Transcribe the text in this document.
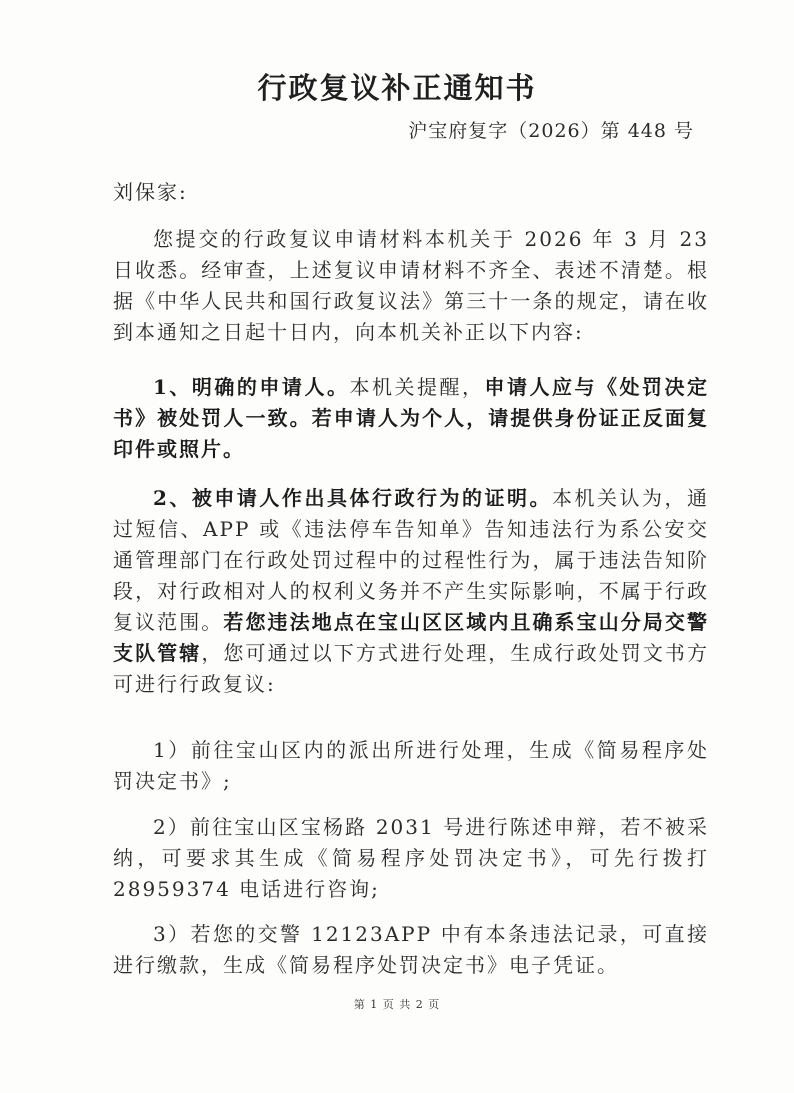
行政复议补正通知书
沪宝府复字（2026）第 448 号
刘保家:

您提交的行政复议申请材料本机关于 2026 年 3 月 23 日收悉。经审查，上述复议申请材料不齐全、表述不清楚。根据《中华人民共和国行政复议法》第三十一条的规定，请在收到本通知之日起十日内，向本机关补正以下内容:

1、明确的申请人。本机关提醒，申请人应与《处罚决定书》被处罚人一致。若申请人为个人，请提供身份证正反面复印件或照片。

2、被申请人作出具体行政行为的证明。本机关认为，通过短信、APP 或《违法停车告知单》告知违法行为系公安交通管理部门在行政处罚过程中的过程性行为，属于违法告知阶段，对行政相对人的权利义务并不产生实际影响，不属于行政复议范围。若您违法地点在宝山区区域内且确系宝山分局交警支队管辖，您可通过以下方式进行处理，生成行政处罚文书方可进行行政复议:

1）前往宝山区内的派出所进行处理，生成《简易程序处罚决定书》;

2）前往宝山区宝杨路 2031 号进行陈述申辩，若不被采纳，可要求其生成《简易程序处罚决定书》，可先行拨打 28959374 电话进行咨询;

3）若您的交警 12123APP 中有本条违法记录，可直接进行缴款，生成《简易程序处罚决定书》电子凭证。

第 1 页 共 2 页
